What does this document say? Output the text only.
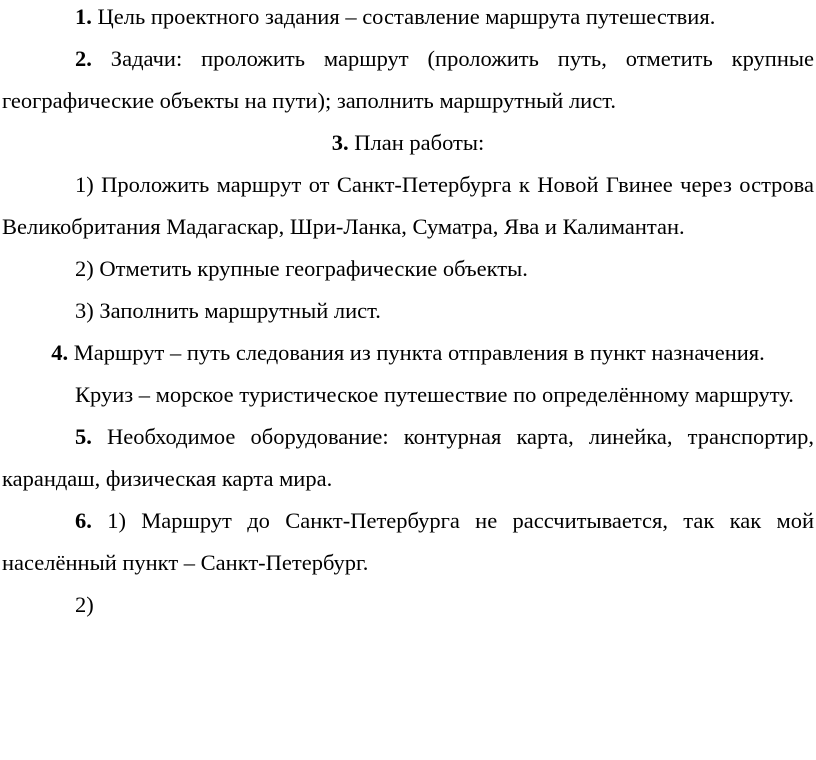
1. Цель проектного задания – составление маршрута путешествия.

2. Задачи: проложить маршрут (проложить путь, отметить крупные географические объекты на пути); заполнить маршрутный лист.

3. План работы:

1) Проложить маршрут от Санкт-Петербурга к Новой Гвинее через острова Великобритания Мадагаскар, Шри-Ланка, Суматра, Ява и Калимантан.

2) Отметить крупные географические объекты.

3) Заполнить маршрутный лист.

4. Маршрут – путь следования из пункта отправления в пункт назначения.

Круиз – морское туристическое путешествие по определённому маршруту.

5. Необходимое оборудование: контурная карта, линейка, транспортир, карандаш, физическая карта мира.

6. 1) Маршрут до Санкт-Петербурга не рассчитывается, так как мой населённый пункт – Санкт-Петербург.

2)
